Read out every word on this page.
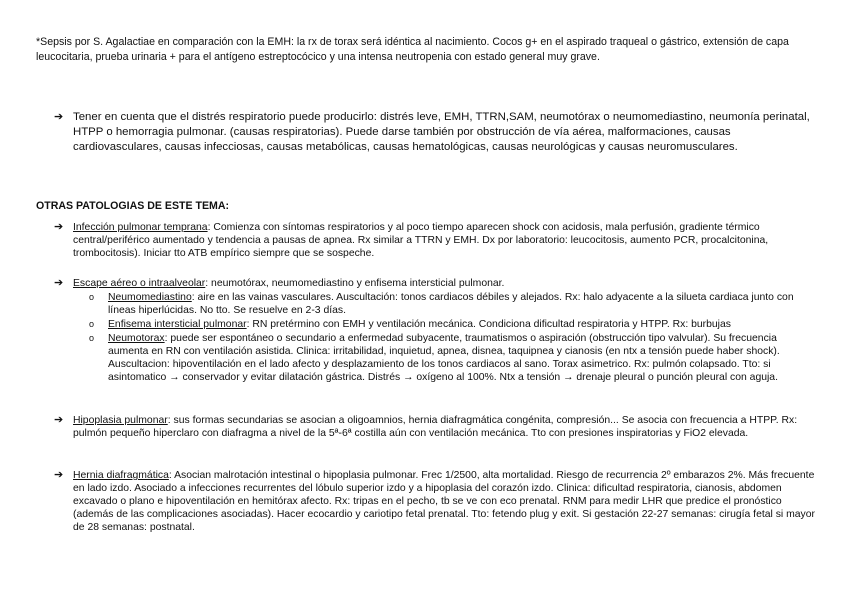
*Sepsis por S. Agalactiae en comparación con la EMH: la rx de torax será idéntica al nacimiento. Cocos g+ en el aspirado traqueal o gástrico, extensión de capa leucocitaria, prueba urinaria + para el antígeno estreptocócico y una intensa neutropenia con estado general muy grave.
➔ Tener en cuenta que el distrés respiratorio puede producirlo: distrés leve, EMH, TTRN,SAM, neumotórax o neumomediastino, neumonía perinatal, HTPP o hemorragia pulmonar. (causas respiratorias). Puede darse también por obstrucción de vía aérea, malformaciones, causas cardiovasculares, causas infecciosas, causas metabólicas, causas hematológicas, causas neurológicas y causas neuromusculares.
OTRAS PATOLOGIAS DE ESTE TEMA:
➔ Infección pulmonar temprana: Comienza con síntomas respiratorios y al poco tiempo aparecen shock con acidosis, mala perfusión, gradiente térmico central/periférico aumentado y tendencia a pausas de apnea. Rx similar a TTRN y EMH. Dx por laboratorio: leucocitosis, aumento PCR, procalcitonina, trombocitosis). Iniciar tto ATB empírico siempre que se sospeche.
➔ Escape aéreo o intraalveolar: neumotórax, neumomediastino y enfisema intersticial pulmonar.
o Neumomediastino: aire en las vainas vasculares. Auscultación: tonos cardiacos débiles y alejados. Rx: halo adyacente a la silueta cardiaca junto con líneas hiperlúcidas. No tto. Se resuelve en 2-3 días.
o Enfisema intersticial pulmonar: RN pretérmino con EMH y ventilación mecánica. Condiciona dificultad respiratoria y HTPP. Rx: burbujas
o Neumotorax: puede ser espontáneo o secundario a enfermedad subyacente, traumatismos o aspiración (obstrucción tipo valvular). Su frecuencia aumenta en RN con ventilación asistida. Clinica: irritabilidad, inquietud, apnea, disnea, taquipnea y cianosis (en ntx a tensión puede haber shock). Auscultacion: hipoventilación en el lado afecto y desplazamiento de los tonos cardiacos al sano. Torax asimetrico. Rx: pulmón colapsado. Tto: si asintomatico → conservador y evitar dilatación gástrica. Distrés → oxígeno al 100%. Ntx a tensión → drenaje pleural o punción pleural con aguja.
➔ Hipoplasia pulmonar: sus formas secundarias se asocian a oligoamnios, hernia diafragmática congénita, compresión... Se asocia con frecuencia a HTPP. Rx: pulmón pequeño hiperclaro con diafragma a nivel de la 5ª-6ª costilla aún con ventilación mecánica. Tto con presiones inspiratorias y FiO2 elevada.
➔ Hernia diafragmática: Asocian malrotación intestinal o hipoplasia pulmonar. Frec 1/2500, alta mortalidad. Riesgo de recurrencia 2º embarazos 2%. Más frecuente en lado izdo. Asociado a infecciones recurrentes del lóbulo superior izdo y a hipoplasia del corazón izdo. Clinica: dificultad respiratoria, cianosis, abdomen excavado o plano e hipoventilación en hemitórax afecto. Rx: tripas en el pecho, tb se ve con eco prenatal. RNM para medir LHR que predice el pronóstico (además de las complicaciones asociadas). Hacer ecocardio y cariotipo fetal prenatal. Tto: fetendo plug y exit. Si gestación 22-27 semanas: cirugía fetal si mayor de 28 semanas: postnatal.
